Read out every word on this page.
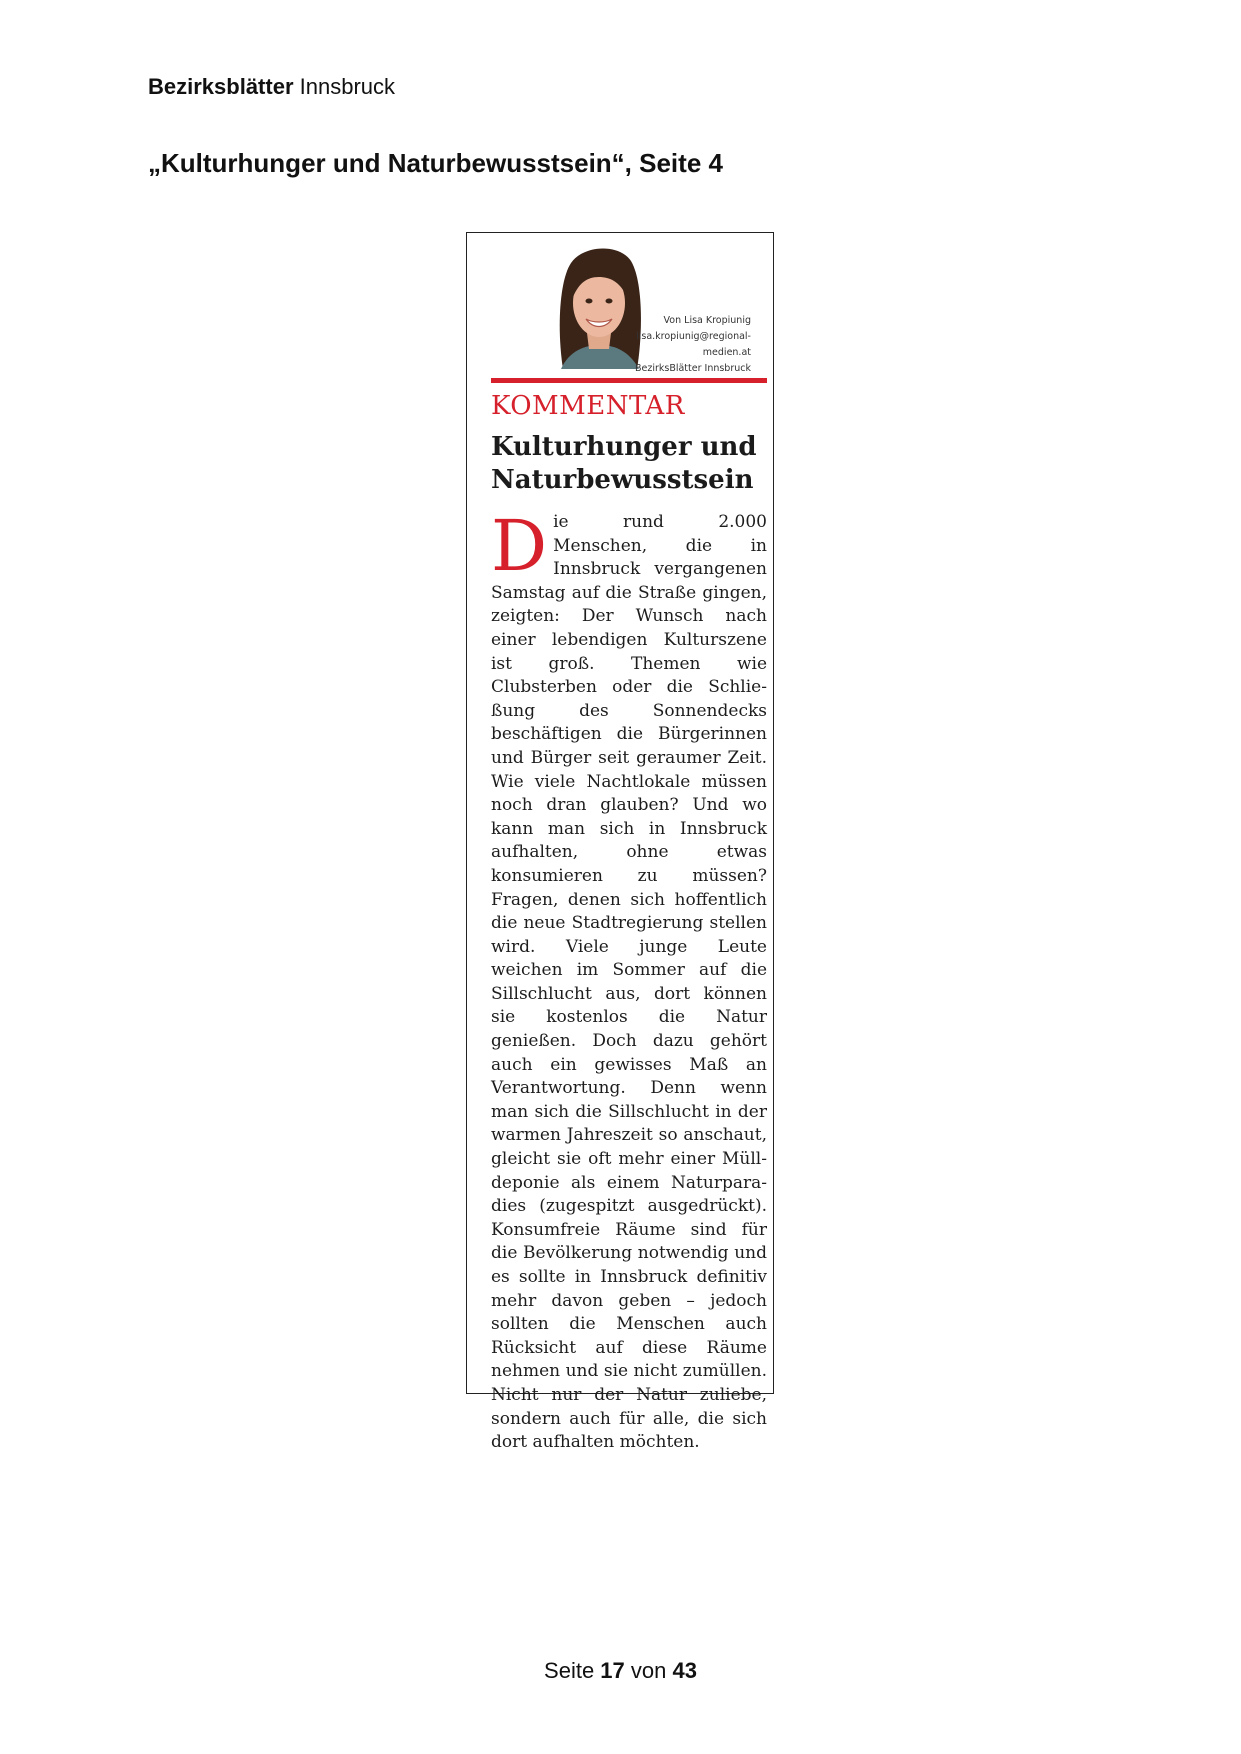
Bezirksblätter Innsbruck
„Kulturhunger und Naturbewusstsein“, Seite 4
Von Lisa Kropiunig
lisa.kropiunig@regional-
medien.at
BezirksBlätter Innsbruck
KOMMENTAR
Kulturhunger und Naturbewusstsein

Die rund 2.000 Menschen, die in Innsbruck vergangenen Samstag auf die Straße gingen, zeigten: Der Wunsch nach einer lebendigen Kulturszene ist groß. Themen wie Clubsterben oder die Schließung des Sonnendecks beschäftigen die Bürgerinnen und Bürger seit geraumer Zeit. Wie viele Nachtlokale müssen noch dran glauben? Und wo kann man sich in Innsbruck aufhalten, ohne etwas konsumieren zu müssen? Fragen, denen sich hoffentlich die neue Stadtregierung stellen wird. Viele junge Leute weichen im Sommer auf die Sillschlucht aus, dort können sie kostenlos die Natur genießen. Doch dazu gehört auch ein gewisses Maß an Verantwortung. Denn wenn man sich die Sillschlucht in der warmen Jahreszeit so anschaut, gleicht sie oft mehr einer Mülldeponie als einem Naturparadies (zugespitzt ausgedrückt). Konsumfreie Räume sind für die Bevölkerung notwendig und es sollte in Innsbruck definitiv mehr davon geben – jedoch sollten die Menschen auch Rücksicht auf diese Räume nehmen und sie nicht zumüllen. Nicht nur der Natur zuliebe, sondern auch für alle, die sich dort aufhalten möchten.

Seite 17 von 43
